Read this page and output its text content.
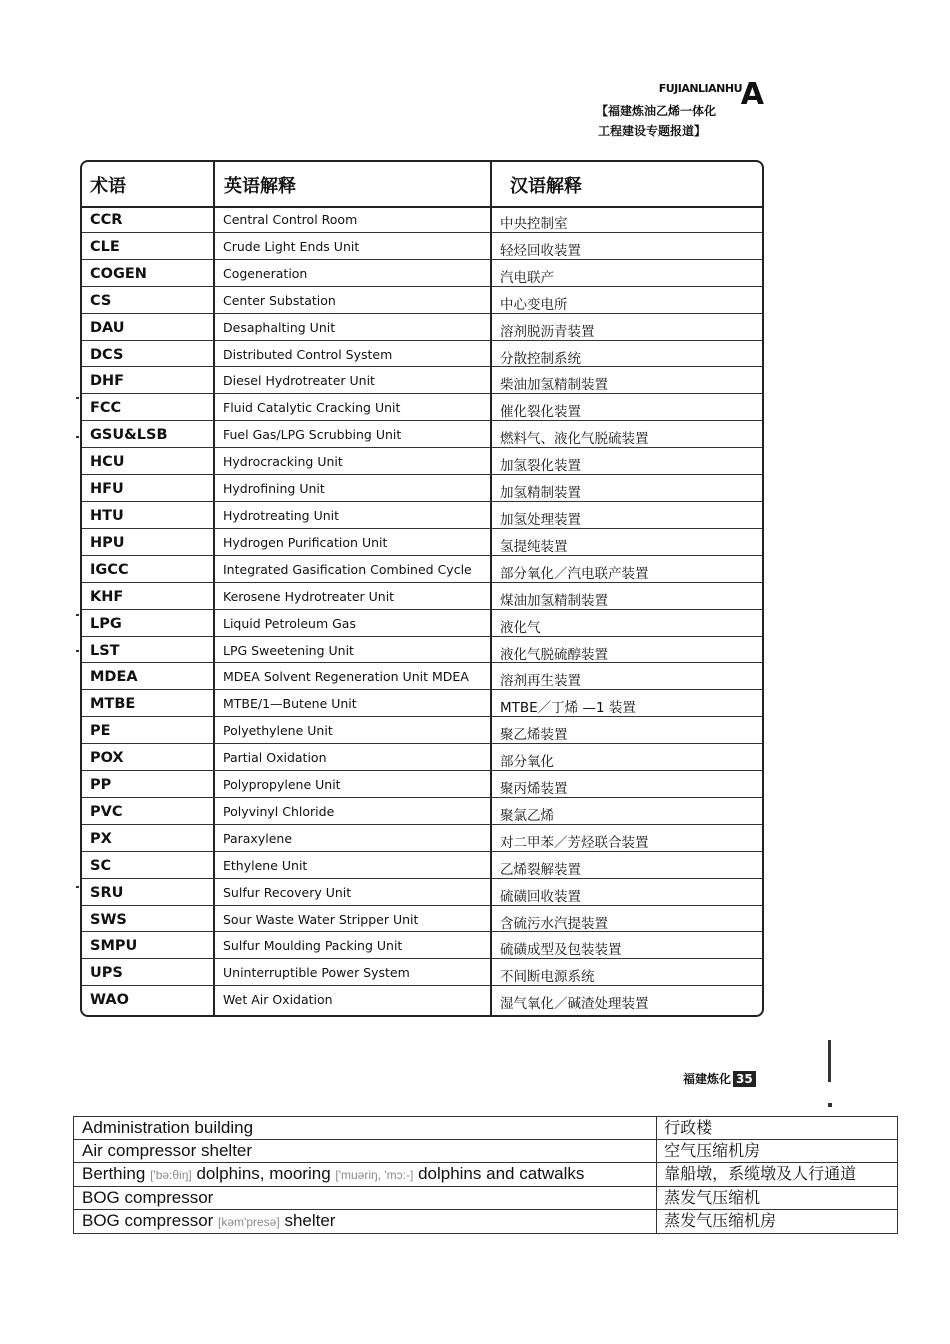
FUJIANLIANHU
A
【福建炼油乙烯一体化
工程建设专题报道】
术语	英语解释	汉语解释
CCR	Central Control Room	中央控制室
CLE	Crude Light Ends Unit	轻烃回收装置
COGEN	Cogeneration	汽电联产
CS	Center Substation	中心变电所
DAU	Desaphalting Unit	溶剂脱沥青装置
DCS	Distributed Control System	分散控制系统
DHF	Diesel Hydrotreater Unit	柴油加氢精制装置
FCC	Fluid Catalytic Cracking Unit	催化裂化装置
GSU&LSB	Fuel Gas/LPG Scrubbing Unit	燃料气、液化气脱硫装置
HCU	Hydrocracking Unit	加氢裂化装置
HFU	Hydrofining Unit	加氢精制装置
HTU	Hydrotreating Unit	加氢处理装置
HPU	Hydrogen Purification Unit	氢提纯装置
IGCC	Integrated Gasification Combined Cycle 部分氧化／汽电联产装置
KHF	Kerosene Hydrotreater Unit	煤油加氢精制装置
LPG	Liquid Petroleum Gas	液化气
LST	LPG Sweetening Unit	液化气脱硫醇装置
MDEA	MDEA Solvent Regeneration Unit MDEA 溶剂再生装置
MTBE	MTBE/1—Butene Unit	MTBE／丁烯 —1 装置
PE	Polyethylene Unit	聚乙烯装置
POX	Partial Oxidation	部分氧化
PP	Polypropylene Unit	聚丙烯装置
PVC	Polyvinyl Chloride	聚氯乙烯
PX	Paraxylene	对二甲苯／芳烃联合装置
SC	Ethylene Unit	乙烯裂解装置
SRU	Sulfur Recovery Unit	硫磺回收装置
SWS	Sour Waste Water Stripper Unit	含硫污水汽提装置
SMPU	Sulfur Moulding Packing Unit	硫磺成型及包装装置
UPS	Uninterruptible Power System	不间断电源系统
WAO	Wet Air Oxidation	湿气氧化／碱渣处理装置
福建炼化 35
Administration building	行政楼
Air compressor shelter	空气压缩机房
Berthing ['bə:θiŋ] dolphins, mooring ['muəriŋ, 'mɔ:-] dolphins and catwalks	靠船墩，系缆墩及人行通道
BOG compressor	蒸发气压缩机
BOG compressor [kəm'presə] shelter	蒸发气压缩机房
